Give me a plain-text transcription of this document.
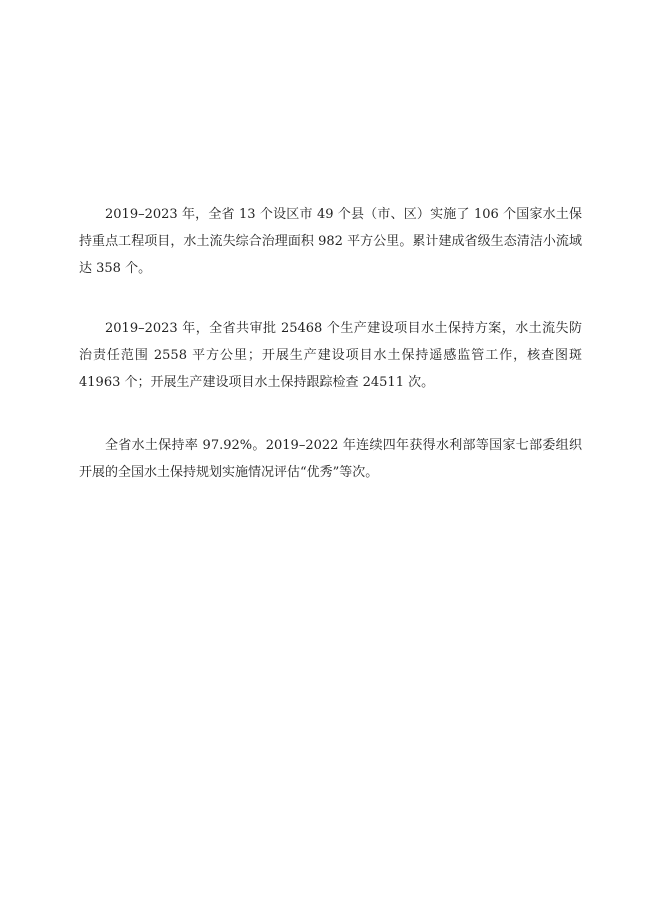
2019–2023 年，全省 13 个设区市 49 个县（市、区）实施了 106 个国家水土保持重点工程项目，水土流失综合治理面积 982 平方公里。累计建成省级生态清洁小流域达 358 个。

2019–2023 年，全省共审批 25468 个生产建设项目水土保持方案，水土流失防治责任范围 2558 平方公里；开展生产建设项目水土保持遥感监管工作，核查图斑 41963 个；开展生产建设项目水土保持跟踪检查 24511 次。

全省水土保持率 97.92%。2019–2022 年连续四年获得水利部等国家七部委组织开展的全国水土保持规划实施情况评估“优秀”等次。
